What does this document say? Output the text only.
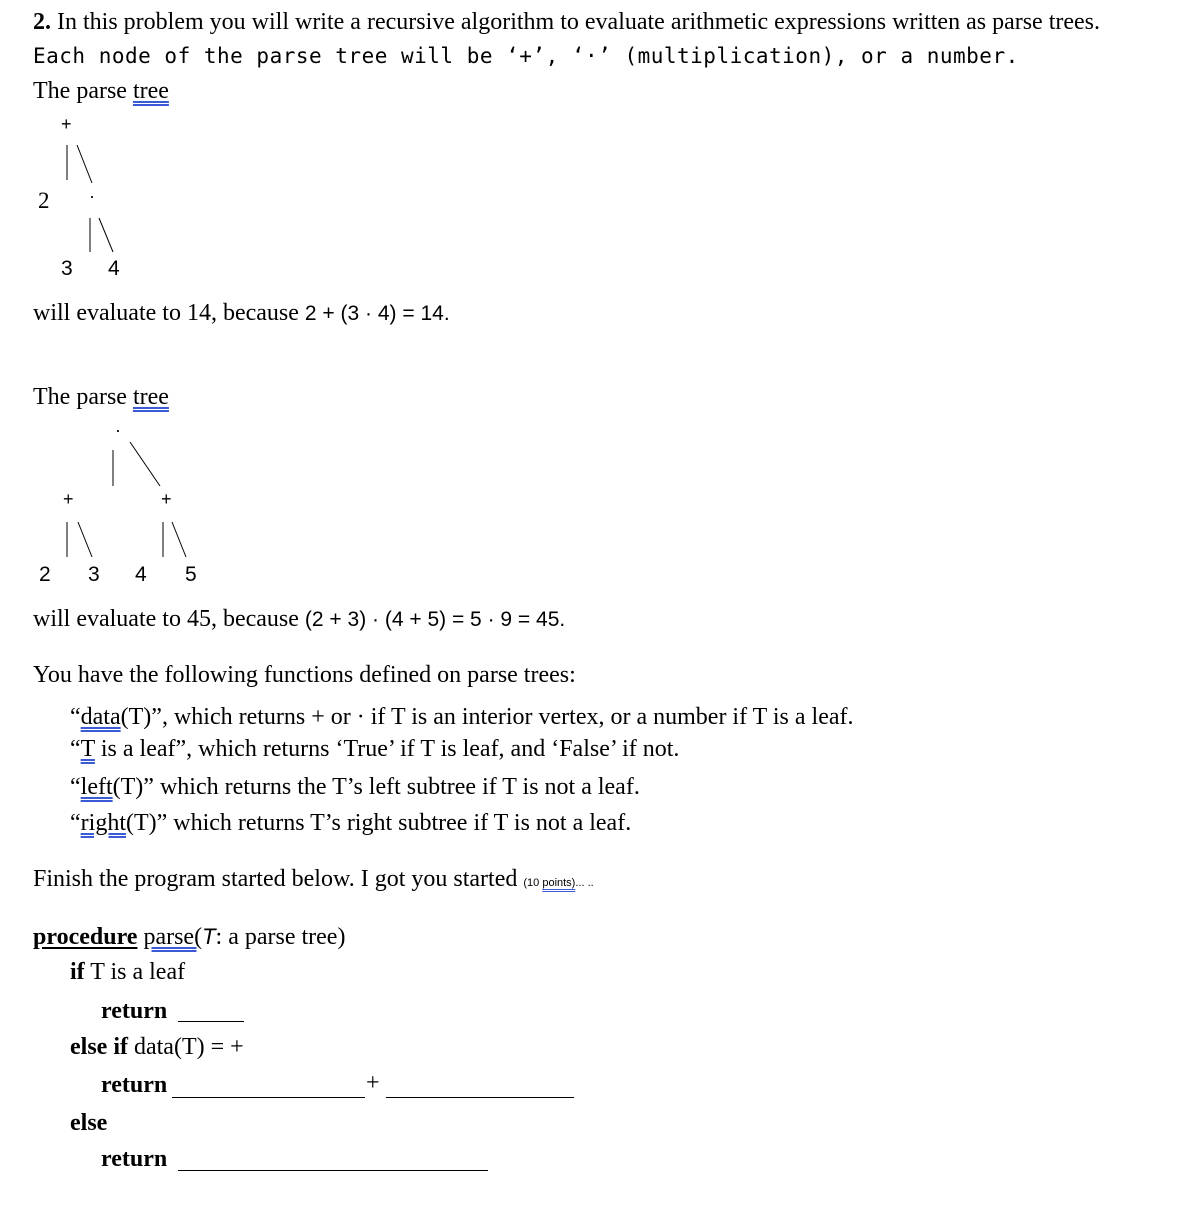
2. In this problem you will write a recursive algorithm to evaluate arithmetic expressions written as parse trees.
Each node of the parse tree will be ‘+’, ‘·’ (multiplication), or a number.
The parse tree
+
2 ·
3 4
will evaluate to 14, because 2 + (3 · 4) = 14.
The parse tree
·
+	+
2 3 4 5
will evaluate to 45, because (2 + 3) · (4 + 5) = 5 · 9 = 45.
You have the following functions defined on parse trees:
“data(T)”, which returns + or · if T is an interior vertex, or a number if T is a leaf.
“T is a leaf”, which returns ‘True’ if T is leaf, and ‘False’ if not.
“left(T)” which returns the T’s left subtree if T is not a leaf.
“right(T)” which returns T’s right subtree if T is not a leaf.
Finish the program started below. I got you started (10 points)... ..
procedure parse(T: a parse tree)
if T is a leaf
return
else if data(T) = +
return	+
else
return
